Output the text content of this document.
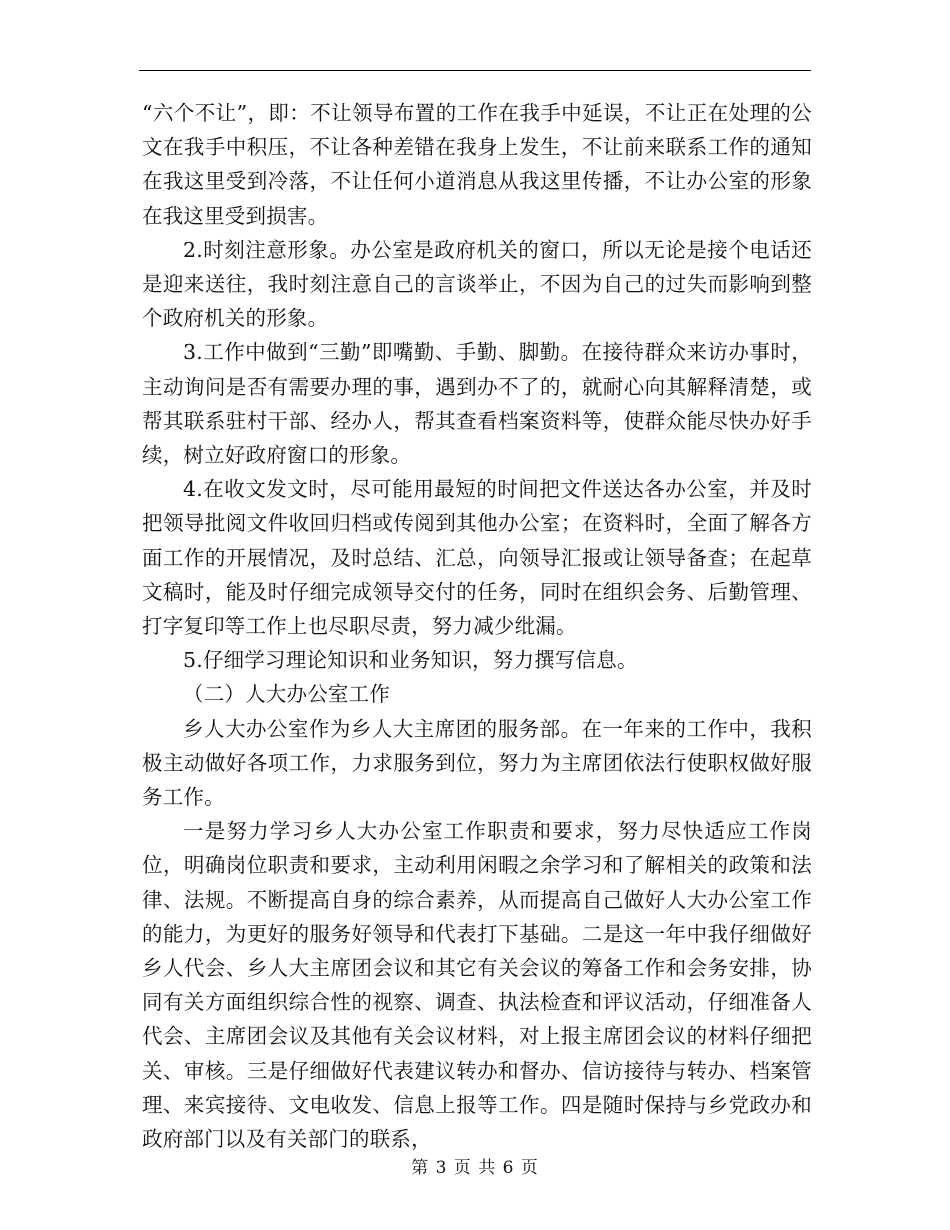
“六个不让”，即：不让领导布置的工作在我手中延误，不让正在处理的公文在我手中积压，不让各种差错在我身上发生，不让前来联系工作的通知在我这里受到冷落，不让任何小道消息从我这里传播，不让办公室的形象在我这里受到损害。

2.时刻注意形象。办公室是政府机关的窗口，所以无论是接个电话还是迎来送往，我时刻注意自己的言谈举止，不因为自己的过失而影响到整个政府机关的形象。

3.工作中做到“三勤”即嘴勤、手勤、脚勤。在接待群众来访办事时，主动询问是否有需要办理的事，遇到办不了的，就耐心向其解释清楚，或帮其联系驻村干部、经办人，帮其查看档案资料等，使群众能尽快办好手续，树立好政府窗口的形象。

4.在收文发文时，尽可能用最短的时间把文件送达各办公室，并及时把领导批阅文件收回归档或传阅到其他办公室；在资料时，全面了解各方面工作的开展情况，及时总结、汇总，向领导汇报或让领导备查；在起草文稿时，能及时仔细完成领导交付的任务，同时在组织会务、后勤管理、打字复印等工作上也尽职尽责，努力减少纰漏。

5.仔细学习理论知识和业务知识，努力撰写信息。

（二）人大办公室工作

乡人大办公室作为乡人大主席团的服务部。在一年来的工作中，我积极主动做好各项工作，力求服务到位，努力为主席团依法行使职权做好服务工作。

一是努力学习乡人大办公室工作职责和要求，努力尽快适应工作岗位，明确岗位职责和要求，主动利用闲暇之余学习和了解相关的政策和法律、法规。不断提高自身的综合素养，从而提高自己做好人大办公室工作的能力，为更好的服务好领导和代表打下基础。二是这一年中我仔细做好乡人代会、乡人大主席团会议和其它有关会议的筹备工作和会务安排，协同有关方面组织综合性的视察、调查、执法检查和评议活动，仔细准备人代会、主席团会议及其他有关会议材料，对上报主席团会议的材料仔细把关、审核。三是仔细做好代表建议转办和督办、信访接待与转办、档案管理、来宾接待、文电收发、信息上报等工作。四是随时保持与乡党政办和政府部门以及有关部门的联系，

第 3 页 共 6 页
